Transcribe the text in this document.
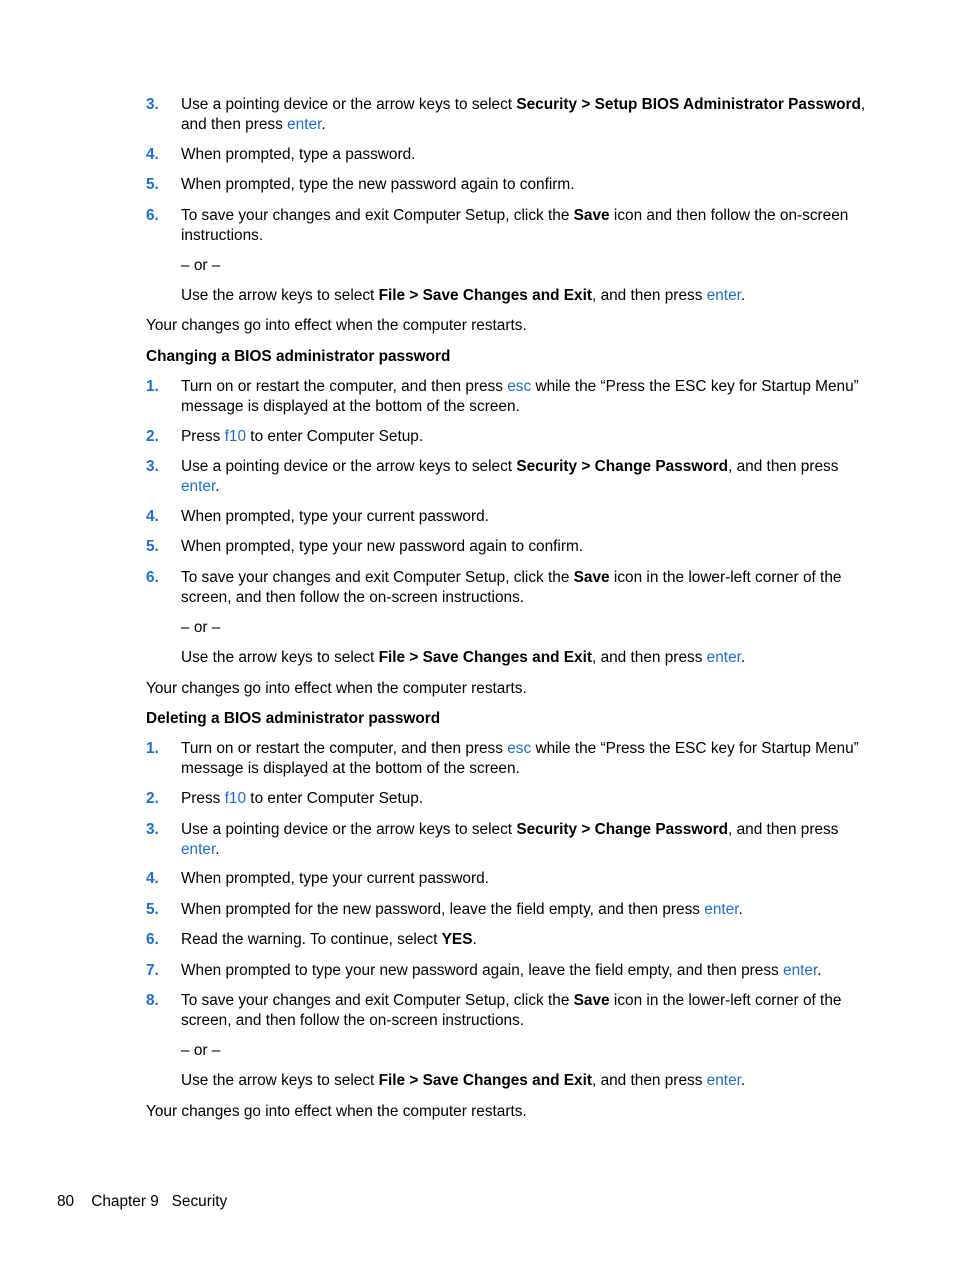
3. Use a pointing device or the arrow keys to select Security > Setup BIOS Administrator Password, and then press enter.
4. When prompted, type a password.
5. When prompted, type the new password again to confirm.
6. To save your changes and exit Computer Setup, click the Save icon and then follow the on-screen instructions.
– or –
Use the arrow keys to select File > Save Changes and Exit, and then press enter.
Your changes go into effect when the computer restarts.
Changing a BIOS administrator password
1. Turn on or restart the computer, and then press esc while the “Press the ESC key for Startup Menu” message is displayed at the bottom of the screen.
2. Press f10 to enter Computer Setup.
3. Use a pointing device or the arrow keys to select Security > Change Password, and then press enter.
4. When prompted, type your current password.
5. When prompted, type your new password again to confirm.
6. To save your changes and exit Computer Setup, click the Save icon in the lower-left corner of the screen, and then follow the on-screen instructions.
– or –
Use the arrow keys to select File > Save Changes and Exit, and then press enter.
Your changes go into effect when the computer restarts.
Deleting a BIOS administrator password
1. Turn on or restart the computer, and then press esc while the “Press the ESC key for Startup Menu” message is displayed at the bottom of the screen.
2. Press f10 to enter Computer Setup.
3. Use a pointing device or the arrow keys to select Security > Change Password, and then press enter.
4. When prompted, type your current password.
5. When prompted for the new password, leave the field empty, and then press enter.
6. Read the warning. To continue, select YES.
7. When prompted to type your new password again, leave the field empty, and then press enter.
8. To save your changes and exit Computer Setup, click the Save icon in the lower-left corner of the screen, and then follow the on-screen instructions.
– or –
Use the arrow keys to select File > Save Changes and Exit, and then press enter.
Your changes go into effect when the computer restarts.
80 Chapter 9 Security
